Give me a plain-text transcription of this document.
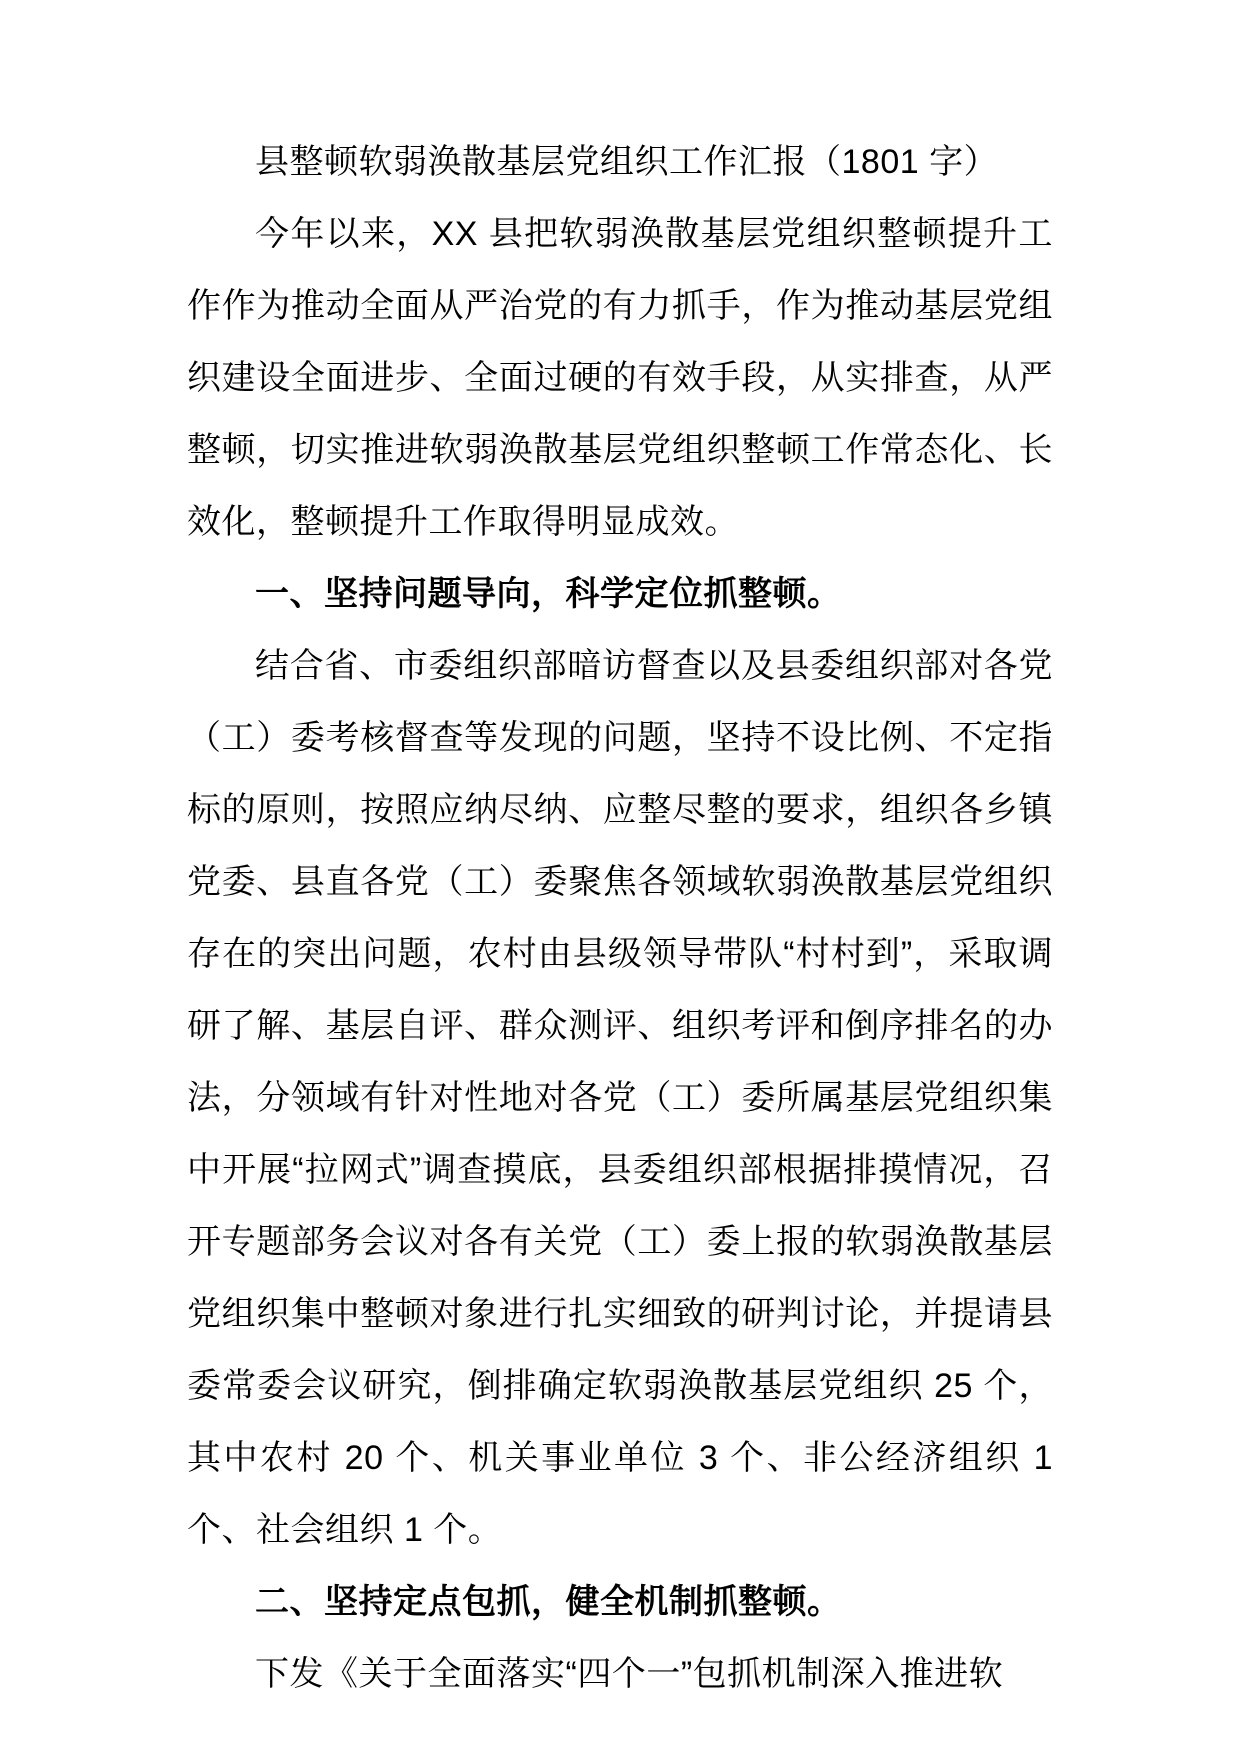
县整顿软弱涣散基层党组织工作汇报（1801 字）

今年以来，XX 县把软弱涣散基层党组织整顿提升工作作为推动全面从严治党的有力抓手，作为推动基层党组织建设全面进步、全面过硬的有效手段，从实排查，从严整顿，切实推进软弱涣散基层党组织整顿工作常态化、长效化，整顿提升工作取得明显成效。

一、坚持问题导向，科学定位抓整顿。

结合省、市委组织部暗访督查以及县委组织部对各党（工）委考核督查等发现的问题，坚持不设比例、不定指标的原则，按照应纳尽纳、应整尽整的要求，组织各乡镇党委、县直各党（工）委聚焦各领域软弱涣散基层党组织存在的突出问题，农村由县级领导带队“村村到”，采取调研了解、基层自评、群众测评、组织考评和倒序排名的办法，分领域有针对性地对各党（工）委所属基层党组织集中开展“拉网式”调查摸底，县委组织部根据排摸情况，召开专题部务会议对各有关党（工）委上报的软弱涣散基层党组织集中整顿对象进行扎实细致的研判讨论，并提请县委常委会议研究，倒排确定软弱涣散基层党组织 25 个，其中农村 20 个、机关事业单位 3 个、非公经济组织 1 个、社会组织 1 个。

二、坚持定点包抓，健全机制抓整顿。

下发《关于全面落实“四个一”包抓机制深入推进软
